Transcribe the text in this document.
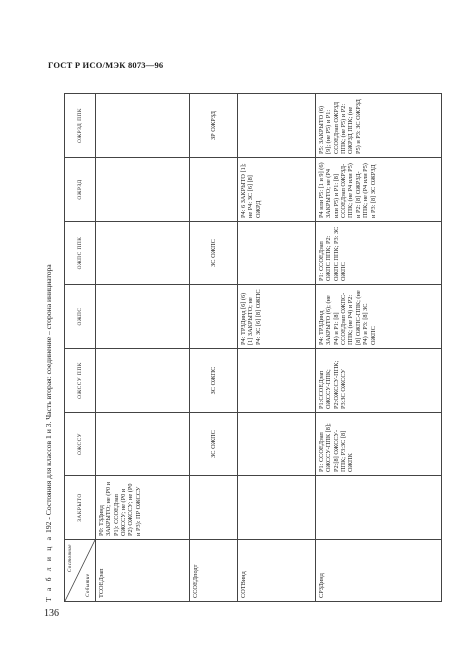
ГОСТ Р ИСО/МЭК 8073—96
Т а б л и ц а 192 - Состояния для классов 1 и 3. Часть вторая: соединение – сторона инициатора
Состояние
Событие	ЗАКРЫТО	ОЖССУ	ОЖССУ ППК	ОЖПС	ОЖПС ППК	ОЖРЗД	ОЖРЗД ППК
ТСОЕДзап	P0: ТЗДинд ЗАКРЫТО; не (Р0 и Р1): ССОЕДзап ОЖССУ; не (Р0 и Р2) ОЖССУ; не (Р0 и Р3): ПР ОЖССУ						
ССОЕДподт		ЗС ОЖПС	ЗС ОЖПС		ЗС ОЖПС		ЗР ОЖРЗД
СОТВинд				Р4: ТРЗДинд [6] (6) [1] ЗАКРЫТО; не Р4: ЗС [6] [8] ОЖПС		Р4: 6 ЗАКРЫТО [1]; не Р4: ЗС [6] [8] ОЖРД	
СРЗДинд		Р1: ССОЕДзап ОЖССУ-ППК [8]; Р2:[8] ОЖССУ-ППК; Р3:ЗС [8] ОЖПК	Р1:ССОЕДзап ОЖССУ-ППК; Р2:ОЖССУ-ППК; Р3:ЗС ОЖССУ	Р4: ТРЗДинд ЗАКРЫТО (6); (не Р4) и Р1: [8] ССОЕДзап ОЖПС-ППК; (не Р4) и Р2: [8] ОЖПС-ППК; (не Р4) и Р3: [8] ЗС ОЖПС	Р1: ССОЕДзап ОЖПС ППК; Р2: ОЖПС ППК; Р3: ЗС ОЖПС	Р4 или Р5: [1 и 9] (6) ЗАКРЫТО; не (Р4 или Р5) и Р1: [8] ССОЕДзап ОЖРЗД-ППК; (не Р4 или Р5) и Р2: [8] ОЖРЗД-ППК; не (Р4 или Р5) и Р3: [8] ЗС ОЖРЗД	Р5: ЗАКРЫТО (6) [9]; (не Р5) и Р1: ССОЕДзап ОЖРЗД ППК; (не Р5) и Р2: ОЖРЗД ППК; (не Р5) и Р3: ЗС ОЖРЗД
136
